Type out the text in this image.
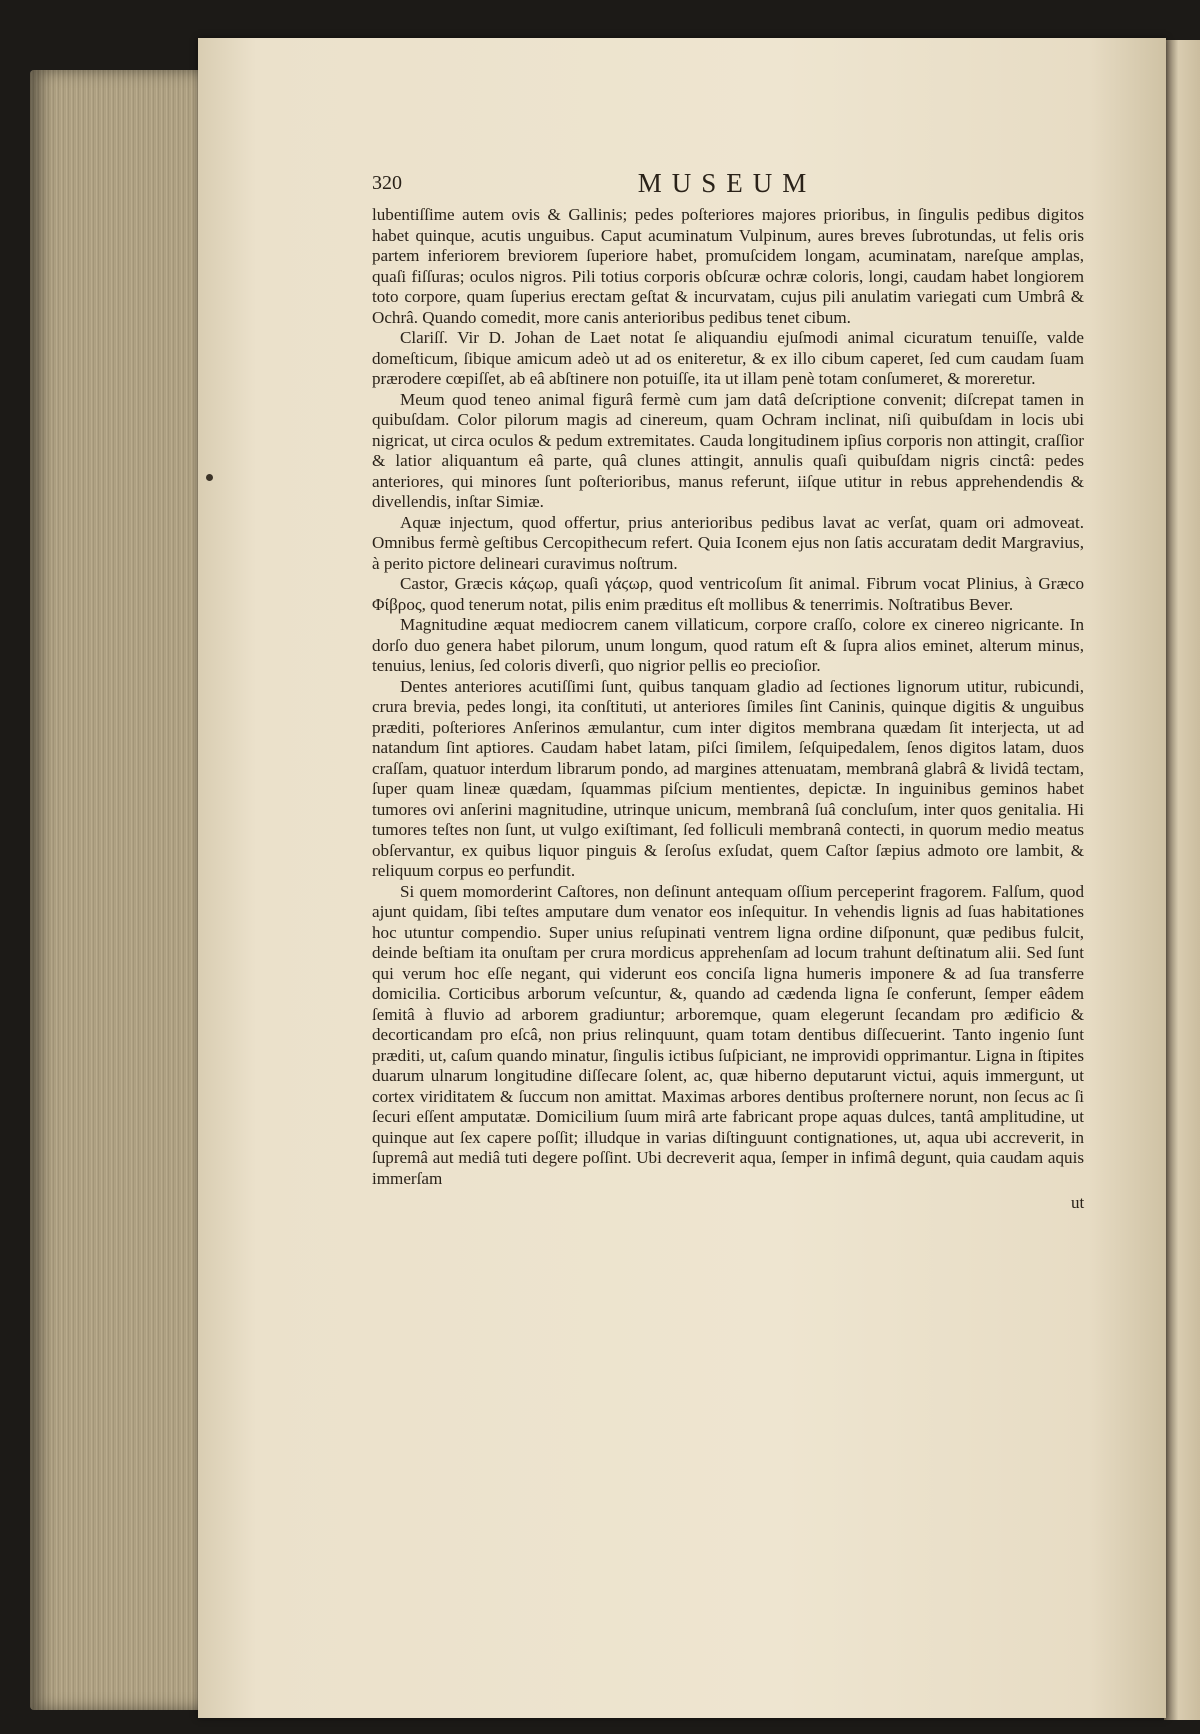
320	MUSEUM

lubentiſſime autem ovis & Gallinis; pedes poſteriores majores prioribus, in ſingulis pedibus digitos habet quinque, acutis unguibus. Caput acuminatum Vulpinum, aures breves ſubrotundas, ut felis oris partem inferiorem breviorem ſuperiore habet, promuſcidem longam, acuminatam, nareſque amplas, quaſi fiſſuras; oculos nigros. Pili totius corporis obſcuræ ochræ coloris, longi, caudam habet longiorem toto corpore, quam ſuperius erectam geſtat & incurvatam, cujus pili anulatim variegati cum Umbrâ & Ochrâ. Quando comedit, more canis anterioribus pedibus tenet cibum.

Clariſſ. Vir D. Johan de Laet notat ſe aliquandiu ejuſmodi animal cicuratum tenuiſſe, valde domeſticum, ſibique amicum adeò ut ad os eniteretur, & ex illo cibum caperet, ſed cum caudam ſuam prærodere cœpiſſet, ab eâ abſtinere non potuiſſe, ita ut illam penè totam conſumeret, & moreretur.

Meum quod teneo animal figurâ fermè cum jam datâ deſcriptione convenit; diſcrepat tamen in quibuſdam. Color pilorum magis ad cinereum, quam Ochram inclinat, niſi quibuſdam in locis ubi nigricat, ut circa oculos & pedum extremitates. Cauda longitudinem ipſius corporis non attingit, craſſior & latior aliquantum eâ parte, quâ clunes attingit, annulis quaſi quibuſdam nigris cinctâ: pedes anteriores, qui minores ſunt poſterioribus, manus referunt, iiſque utitur in rebus apprehendendis & divellendis, inſtar Simiæ.

Aquæ injectum, quod offertur, prius anterioribus pedibus lavat ac verſat, quam ori admoveat. Omnibus fermè geſtibus Cercopithecum refert. Quia Iconem ejus non ſatis accuratam dedit Margravius, à perito pictore delineari curavimus noſtrum.

Castor, Græcis κάϛωρ, quaſi γάϛωρ, quod ventricoſum ſit animal. Fibrum vocat Plinius, à Græco Φίβρος, quod tenerum notat, pilis enim præditus eſt mollibus & tenerrimis. Noſtratibus Bever.

Magnitudine æquat mediocrem canem villaticum, corpore craſſo, colore ex cinereo nigricante. In dorſo duo genera habet pilorum, unum longum, quod ratum eſt & ſupra alios eminet, alterum minus, tenuius, lenius, ſed coloris diverſi, quo nigrior pellis eo precioſior.

Dentes anteriores acutiſſimi ſunt, quibus tanquam gladio ad ſectiones lignorum utitur, rubicundi, crura brevia, pedes longi, ita conſtituti, ut anteriores ſimiles ſint Caninis, quinque digitis & unguibus præditi, poſteriores Anſerinos æmulantur, cum inter digitos membrana quædam ſit interjecta, ut ad natandum ſint aptiores. Caudam habet latam, piſci ſimilem, ſeſquipedalem, ſenos digitos latam, duos craſſam, quatuor interdum librarum pondo, ad margines attenuatam, membranâ glabrâ & lividâ tectam, ſuper quam lineæ quædam, ſquammas piſcium mentientes, depictæ. In inguinibus geminos habet tumores ovi anſerini magnitudine, utrinque unicum, membranâ ſuâ concluſum, inter quos genitalia. Hi tumores teſtes non ſunt, ut vulgo exiſtimant, ſed folliculi membranâ contecti, in quorum medio meatus obſervantur, ex quibus liquor pinguis & ſeroſus exſudat, quem Caſtor ſæpius admoto ore lambit, & reliquum corpus eo perfundit.

Si quem momorderint Caſtores, non deſinunt antequam oſſium perceperint fragorem. Falſum, quod ajunt quidam, ſibi teſtes amputare dum venator eos inſequitur. In vehendis lignis ad ſuas habitationes hoc utuntur compendio. Super unius reſupinati ventrem ligna ordine diſponunt, quæ pedibus fulcit, deinde beſtiam ita onuſtam per crura mordicus apprehenſam ad locum trahunt deſtinatum alii. Sed ſunt qui verum hoc eſſe negant, qui viderunt eos conciſa ligna humeris imponere & ad ſua transferre domicilia. Corticibus arborum veſcuntur, &, quando ad cædenda ligna ſe conferunt, ſemper eâdem ſemitâ à fluvio ad arborem gradiuntur; arboremque, quam elegerunt ſecandam pro ædificio & decorticandam pro eſcâ, non prius relinquunt, quam totam dentibus diſſecuerint. Tanto ingenio ſunt præditi, ut, caſum quando minatur, ſingulis ictibus ſuſpiciant, ne improvidi opprimantur. Ligna in ſtipites duarum ulnarum longitudine diſſecare ſolent, ac, quæ hiberno deputarunt victui, aquis immergunt, ut cortex viriditatem & ſuccum non amittat. Maximas arbores dentibus proſternere norunt, non ſecus ac ſi ſecuri eſſent amputatæ. Domicilium ſuum mirâ arte fabricant prope aquas dulces, tantâ amplitudine, ut quinque aut ſex capere poſſit; illudque in varias diſtinguunt contignationes, ut, aqua ubi accreverit, in ſupremâ aut mediâ tuti degere poſſint. Ubi decreverit aqua, ſemper in infimâ degunt, quia caudam aquis immerſam

ut
